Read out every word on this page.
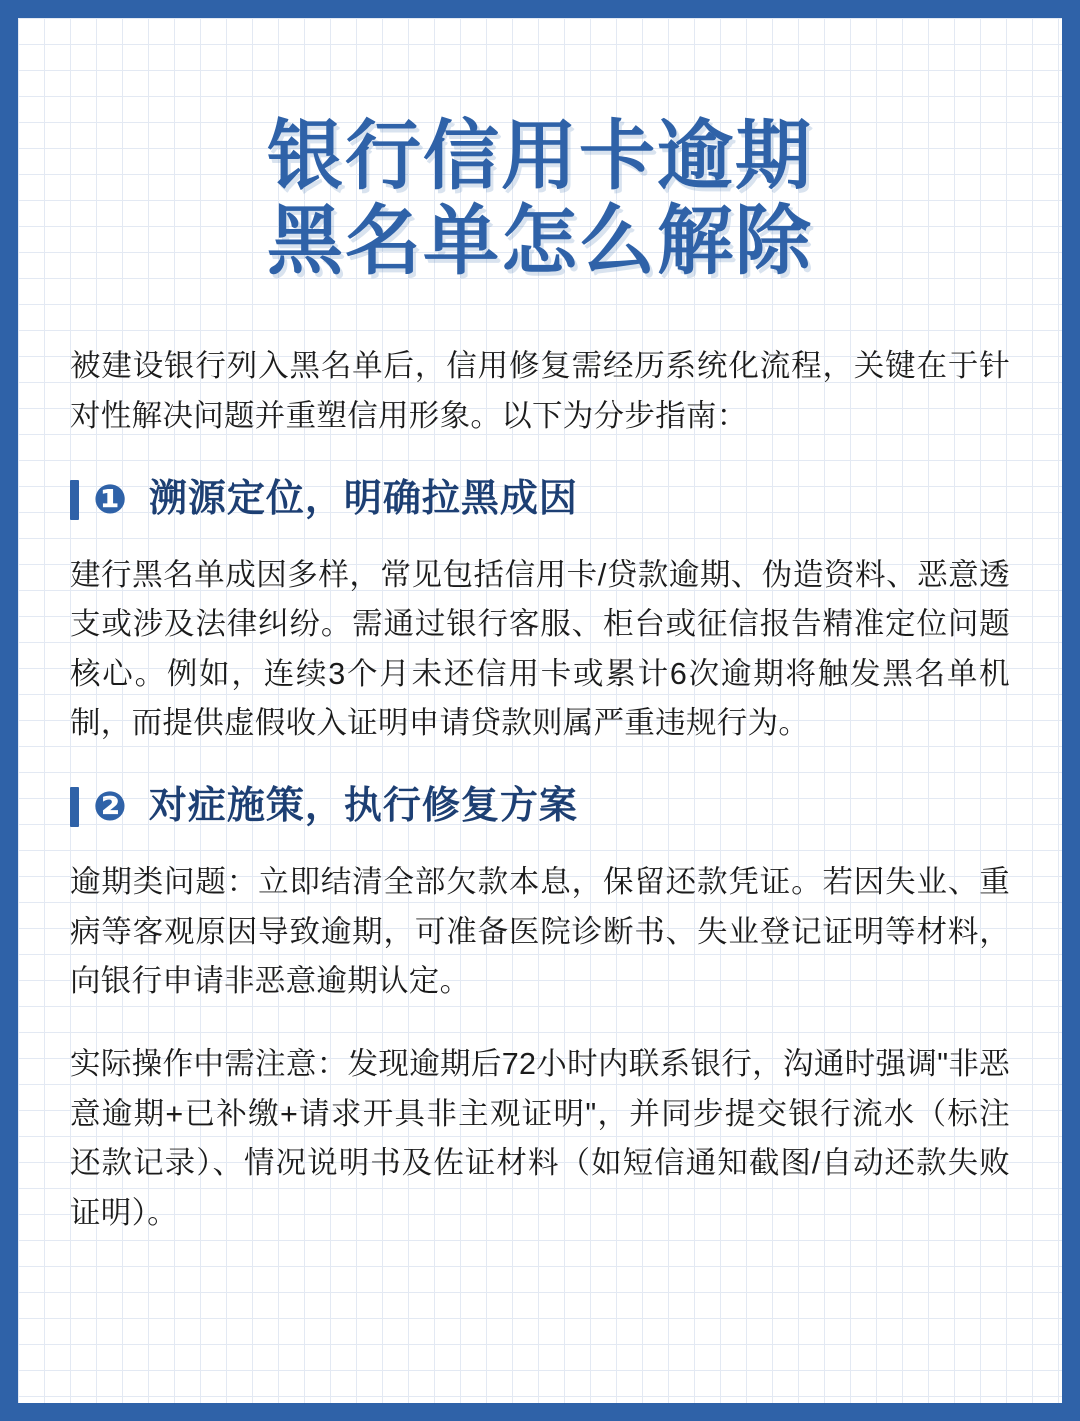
银行信用卡逾期
黑名单怎么解除

被建设银行列入黑名单后，信用修复需经历系统化流程，关键在于针对性解决问题并重塑信用形象。以下为分步指南：

❶ 溯源定位，明确拉黑成因

建行黑名单成因多样，常见包括信用卡/贷款逾期、伪造资料、恶意透支或涉及法律纠纷。需通过银行客服、柜台或征信报告精准定位问题核心。例如，连续3个月未还信用卡或累计6次逾期将触发黑名单机制，而提供虚假收入证明申请贷款则属严重违规行为。

❷ 对症施策，执行修复方案

逾期类问题：立即结清全部欠款本息，保留还款凭证。若因失业、重病等客观原因导致逾期，可准备医院诊断书、失业登记证明等材料，向银行申请非恶意逾期认定。

实际操作中需注意：发现逾期后72小时内联系银行，沟通时强调"非恶意逾期+已补缴+请求开具非主观证明"，并同步提交银行流水（标注还款记录）、情况说明书及佐证材料（如短信通知截图/自动还款失败证明）。
